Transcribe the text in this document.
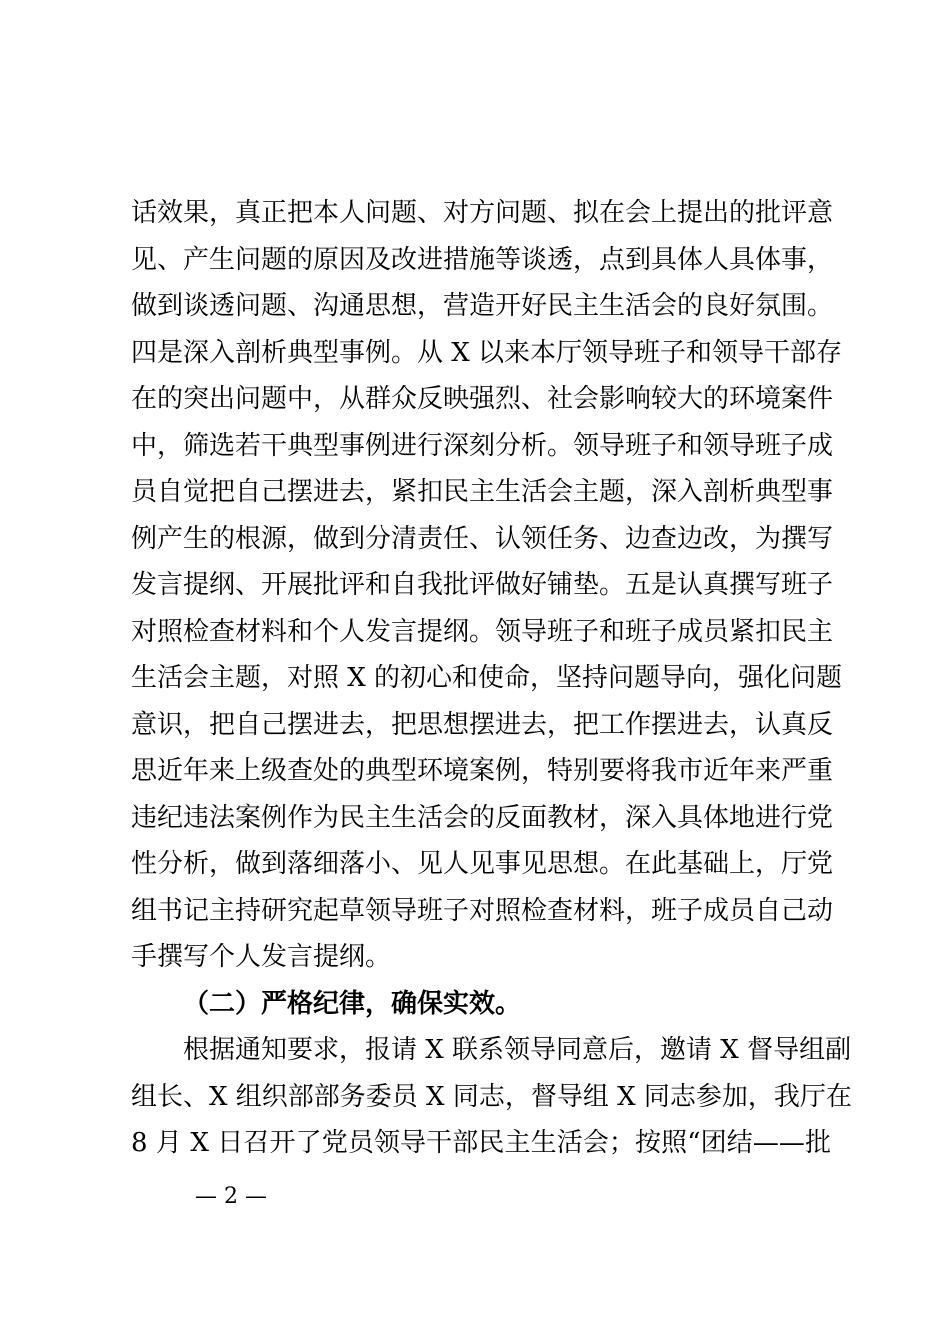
话效果，真正把本人问题、对方问题、拟在会上提出的批评意
见、产生问题的原因及改进措施等谈透，点到具体人具体事，
做到谈透问题、沟通思想，营造开好民主生活会的良好氛围。
四是深入剖析典型事例。从 X 以来本厅领导班子和领导干部存
在的突出问题中，从群众反映强烈、社会影响较大的环境案件
中，筛选若干典型事例进行深刻分析。领导班子和领导班子成
员自觉把自己摆进去，紧扣民主生活会主题，深入剖析典型事
例产生的根源，做到分清责任、认领任务、边查边改，为撰写
发言提纲、开展批评和自我批评做好铺垫。五是认真撰写班子
对照检查材料和个人发言提纲。领导班子和班子成员紧扣民主
生活会主题，对照 X 的初心和使命，坚持问题导向，强化问题
意识，把自己摆进去，把思想摆进去，把工作摆进去，认真反
思近年来上级查处的典型环境案例，特别要将我市近年来严重
违纪违法案例作为民主生活会的反面教材，深入具体地进行党
性分析，做到落细落小、见人见事见思想。在此基础上，厅党
组书记主持研究起草领导班子对照检查材料，班子成员自己动
手撰写个人发言提纲。
（二）严格纪律，确保实效。
根据通知要求，报请 X 联系领导同意后，邀请 X 督导组副
组长、X 组织部部务委员 X 同志，督导组 X 同志参加，我厅在
8 月 X 日召开了党员领导干部民主生活会；按照“团结——批
— 2 —
